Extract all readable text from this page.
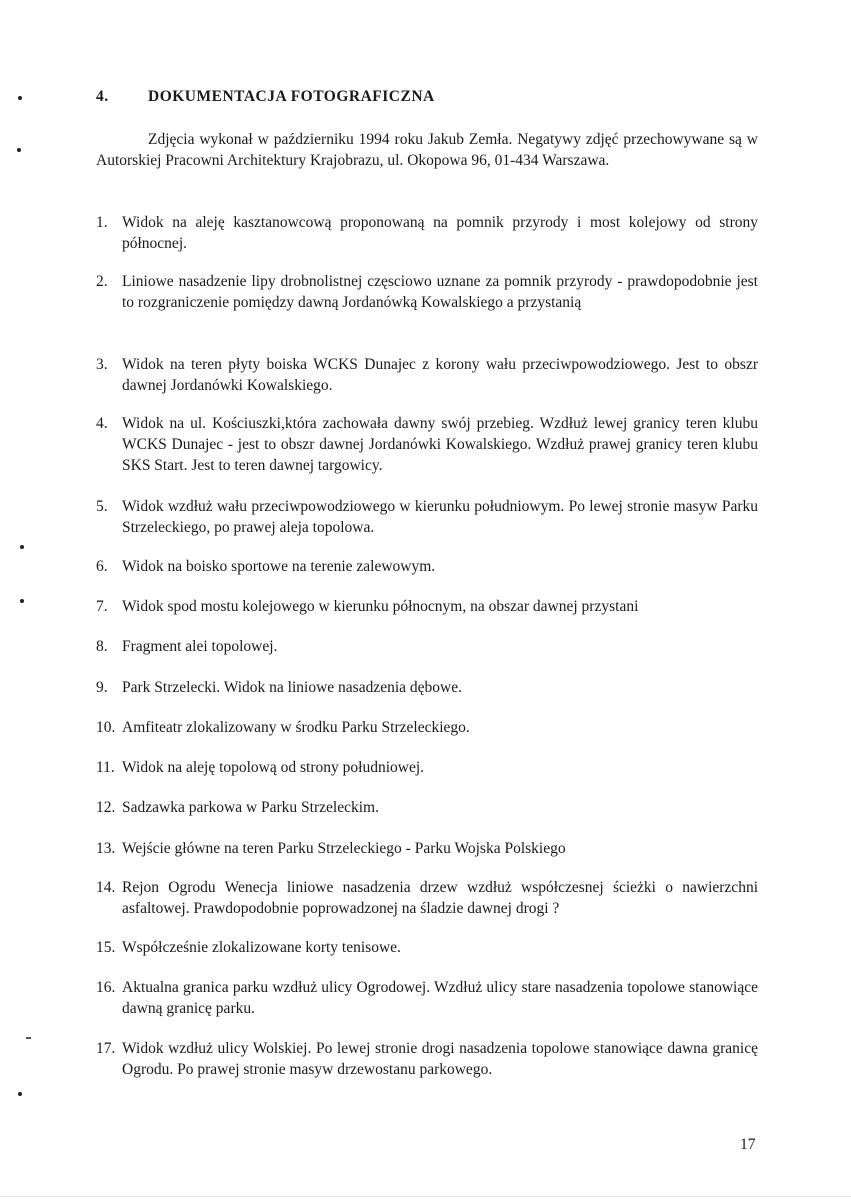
4.	DOKUMENTACJA FOTOGRAFICZNA

Zdjęcia wykonał w październiku 1994 roku Jakub Zemła. Negatywy zdjęć przechowywane są w Autorskiej Pracowni Architektury Krajobrazu, ul. Okopowa 96, 01-434 Warszawa.

1. Widok na aleję kasztanowcową proponowaną na pomnik przyrody i most kolejowy od strony północnej.
2. Liniowe nasadzenie lipy drobnolistnej częsciowo uznane za pomnik przyrody - prawdopodobnie jest to rozgraniczenie pomiędzy dawną Jordanówką Kowalskiego a przystanią
3. Widok na teren płyty boiska WCKS Dunajec z korony wału przeciwpowodziowego. Jest to obszr dawnej Jordanówki Kowalskiego.
4. Widok na ul. Kościuszki,która zachowała dawny swój przebieg. Wzdłuż lewej granicy teren klubu WCKS Dunajec - jest to obszr dawnej Jordanówki Kowalskiego. Wzdłuż prawej granicy teren klubu SKS Start. Jest to teren dawnej targowicy.
5. Widok wzdłuż wału przeciwpowodziowego w kierunku południowym. Po lewej stronie masyw Parku Strzeleckiego, po prawej aleja topolowa.
6. Widok na boisko sportowe na terenie zalewowym.
7. Widok spod mostu kolejowego w kierunku północnym, na obszar dawnej przystani
8. Fragment alei topolowej.
9. Park Strzelecki. Widok na liniowe nasadzenia dębowe.
10. Amfiteatr zlokalizowany w środku Parku Strzeleckiego.
11. Widok na aleję topolową od strony południowej.
12. Sadzawka parkowa w Parku Strzeleckim.
13. Wejście główne na teren Parku Strzeleckiego - Parku Wojska Polskiego
14. Rejon Ogrodu Wenecja liniowe nasadzenia drzew wzdłuż współczesnej ścieżki o nawierzchni asfaltowej. Prawdopodobnie poprowadzonej na śladzie dawnej drogi ?
15. Współcześnie zlokalizowane korty tenisowe.
16. Aktualna granica parku wzdłuż ulicy Ogrodowej. Wzdłuż ulicy stare nasadzenia topolowe stanowiące dawną granicę parku.
17. Widok wzdłuż ulicy Wolskiej. Po lewej stronie drogi nasadzenia topolowe stanowiące dawna granicę Ogrodu. Po prawej stronie masyw drzewostanu parkowego.
17
